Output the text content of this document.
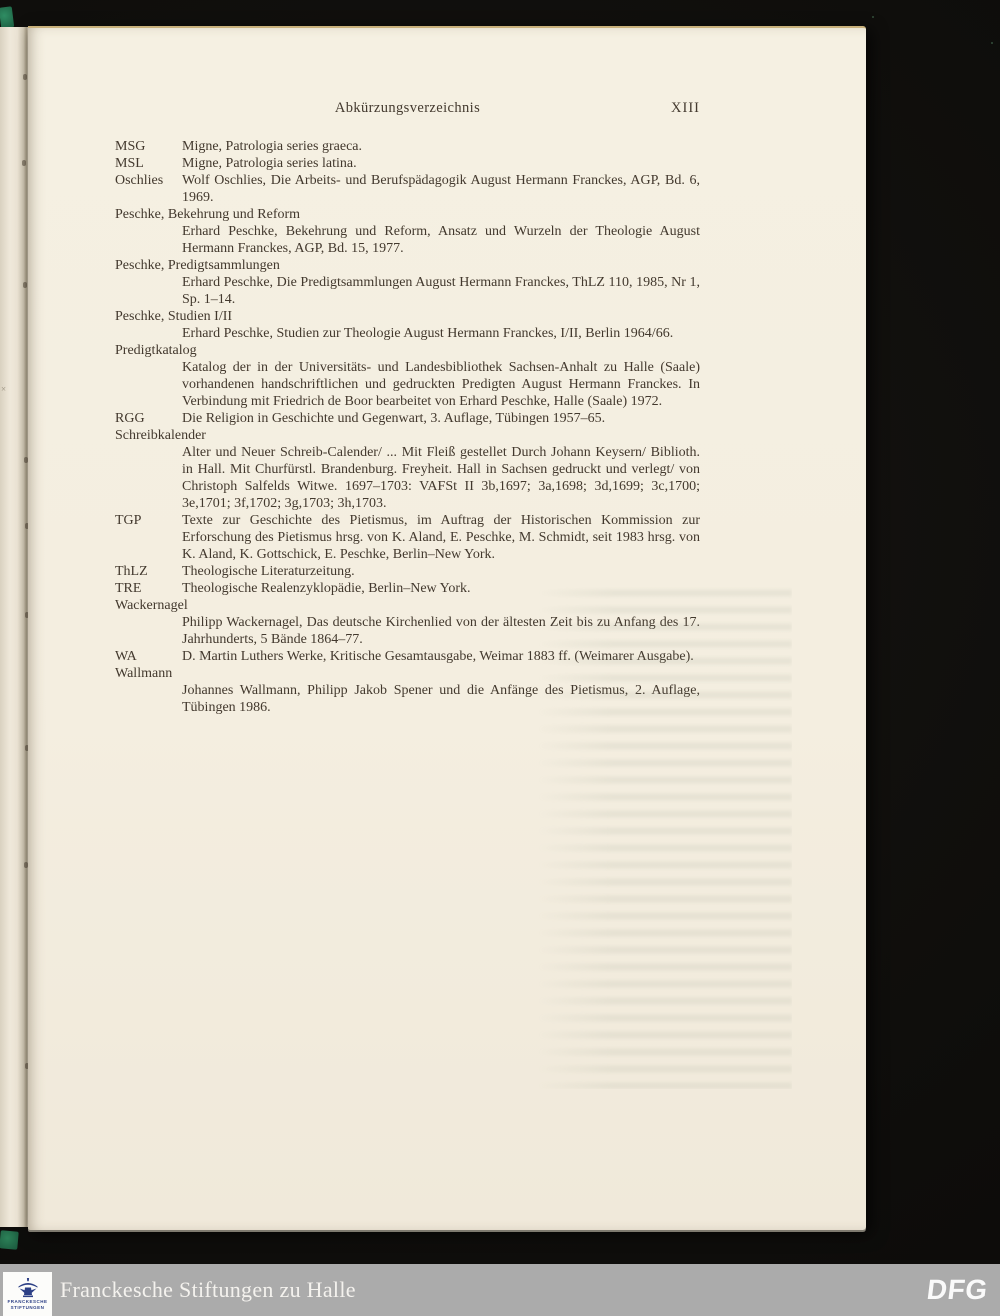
×
Abkürzungsverzeichnis	XIII
MSG	Migne, Patrologia series graeca.
MSL	Migne, Patrologia series latina.
Oschlies	Wolf Oschlies, Die Arbeits- und Berufspädagogik August Hermann Franckes, AGP, Bd. 6, 1969.
Peschke, Bekehrung und Reform
Erhard Peschke, Bekehrung und Reform, Ansatz und Wurzeln der Theologie August Hermann Franckes, AGP, Bd. 15, 1977.
Peschke, Predigtsammlungen
Erhard Peschke, Die Predigtsammlungen August Hermann Franckes, ThLZ 110, 1985, Nr 1, Sp. 1–14.
Peschke, Studien I/II
Erhard Peschke, Studien zur Theologie August Hermann Franckes, I/II, Berlin 1964/66.
Predigtkatalog
Katalog der in der Universitäts- und Landesbibliothek Sachsen-Anhalt zu Halle (Saale) vorhandenen handschriftlichen und gedruckten Predigten August Hermann Franckes. In Verbindung mit Friedrich de Boor bearbeitet von Erhard Peschke, Halle (Saale) 1972.
RGG	Die Religion in Geschichte und Gegenwart, 3. Auflage, Tübingen 1957–65.
Schreibkalender
Alter und Neuer Schreib-Calender/ ... Mit Fleiß gestellet Durch Johann Keysern/ Biblioth. in Hall. Mit Churfürstl. Brandenburg. Freyheit. Hall in Sachsen gedruckt und verlegt/ von Christoph Salfelds Witwe. 1697–1703: VAFSt II 3b,1697; 3a,1698; 3d,1699; 3c,1700; 3e,1701; 3f,1702; 3g,1703; 3h,1703.
TGP	Texte zur Geschichte des Pietismus, im Auftrag der Historischen Kommission zur Erforschung des Pietismus hrsg. von K. Aland, E. Peschke, M. Schmidt, seit 1983 hrsg. von K. Aland, K. Gottschick, E. Peschke, Berlin–New York.
ThLZ	Theologische Literaturzeitung.
TRE	Theologische Realenzyklopädie, Berlin–New York.
Wackernagel
Philipp Wackernagel, Das deutsche Kirchenlied von der ältesten Zeit bis zu Anfang des 17. Jahrhunderts, 5 Bände 1864–77.
WA	D. Martin Luthers Werke, Kritische Gesamtausgabe, Weimar 1883 ff. (Weimarer Ausgabe).
Wallmann
Johannes Wallmann, Philipp Jakob Spener und die Anfänge des Pietismus, 2. Auflage, Tübingen 1986.
FRANCKESCHE
STIFTUNGEN
Franckesche Stiftungen zu Halle	DFG
